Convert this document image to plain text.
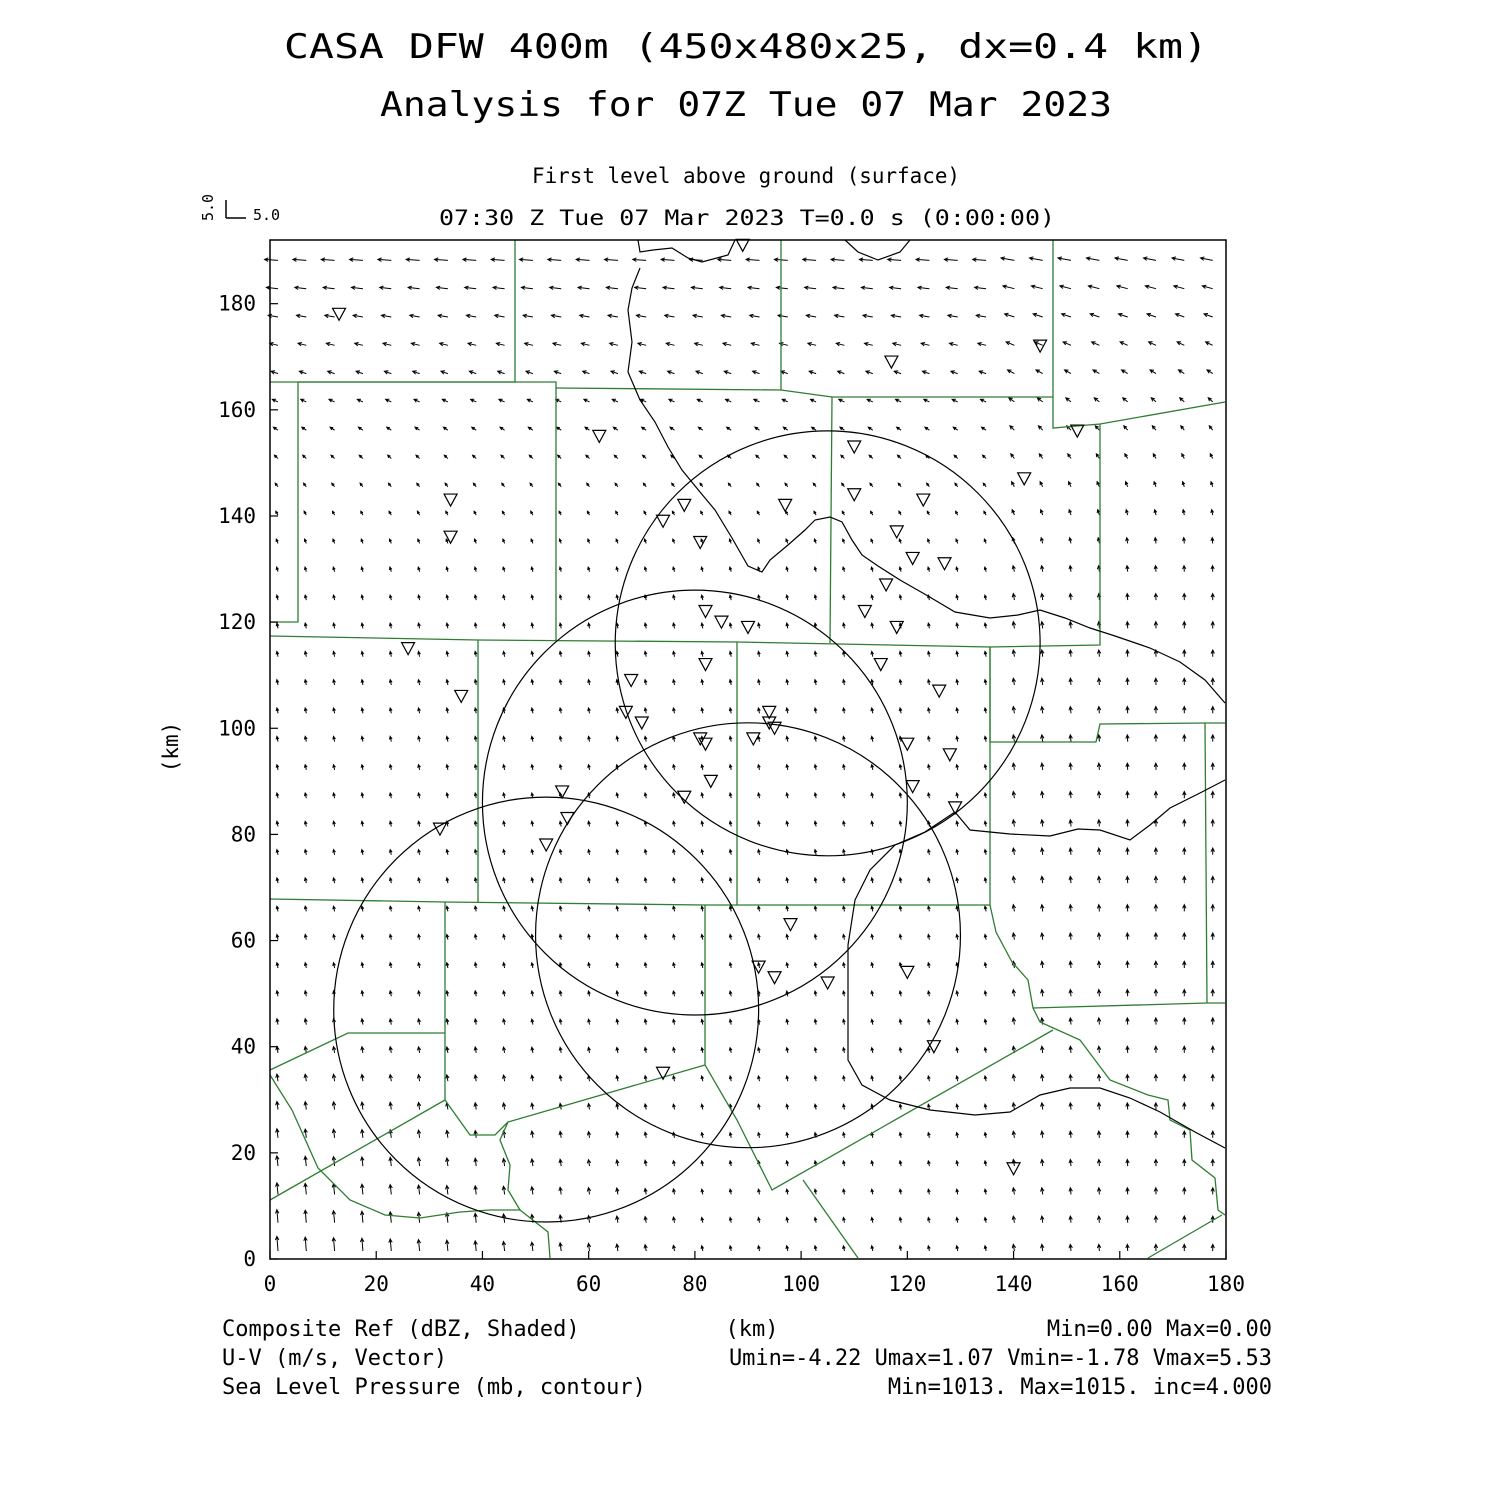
CASA DFW 400m (450x480x25, dx=0.4 km)
Analysis for 07Z Tue 07 Mar 2023
First level above ground (surface)
07:30 Z Tue 07 Mar 2023 T=0.0 s (0:00:00)
5.0 5.0
0	20	40	60	80	100	120	140	160	180
0
20
40
60
80
100
120
140
160
180
(km)
Composite Ref (dBZ, Shaded)	(km)	Min=0.00 Max=0.00
U-V (m/s, Vector)	Umin=-4.22 Umax=1.07 Vmin=-1.78 Vmax=5.53
Sea Level Pressure (mb, contour)	Min=1013. Max=1015. inc=4.000
